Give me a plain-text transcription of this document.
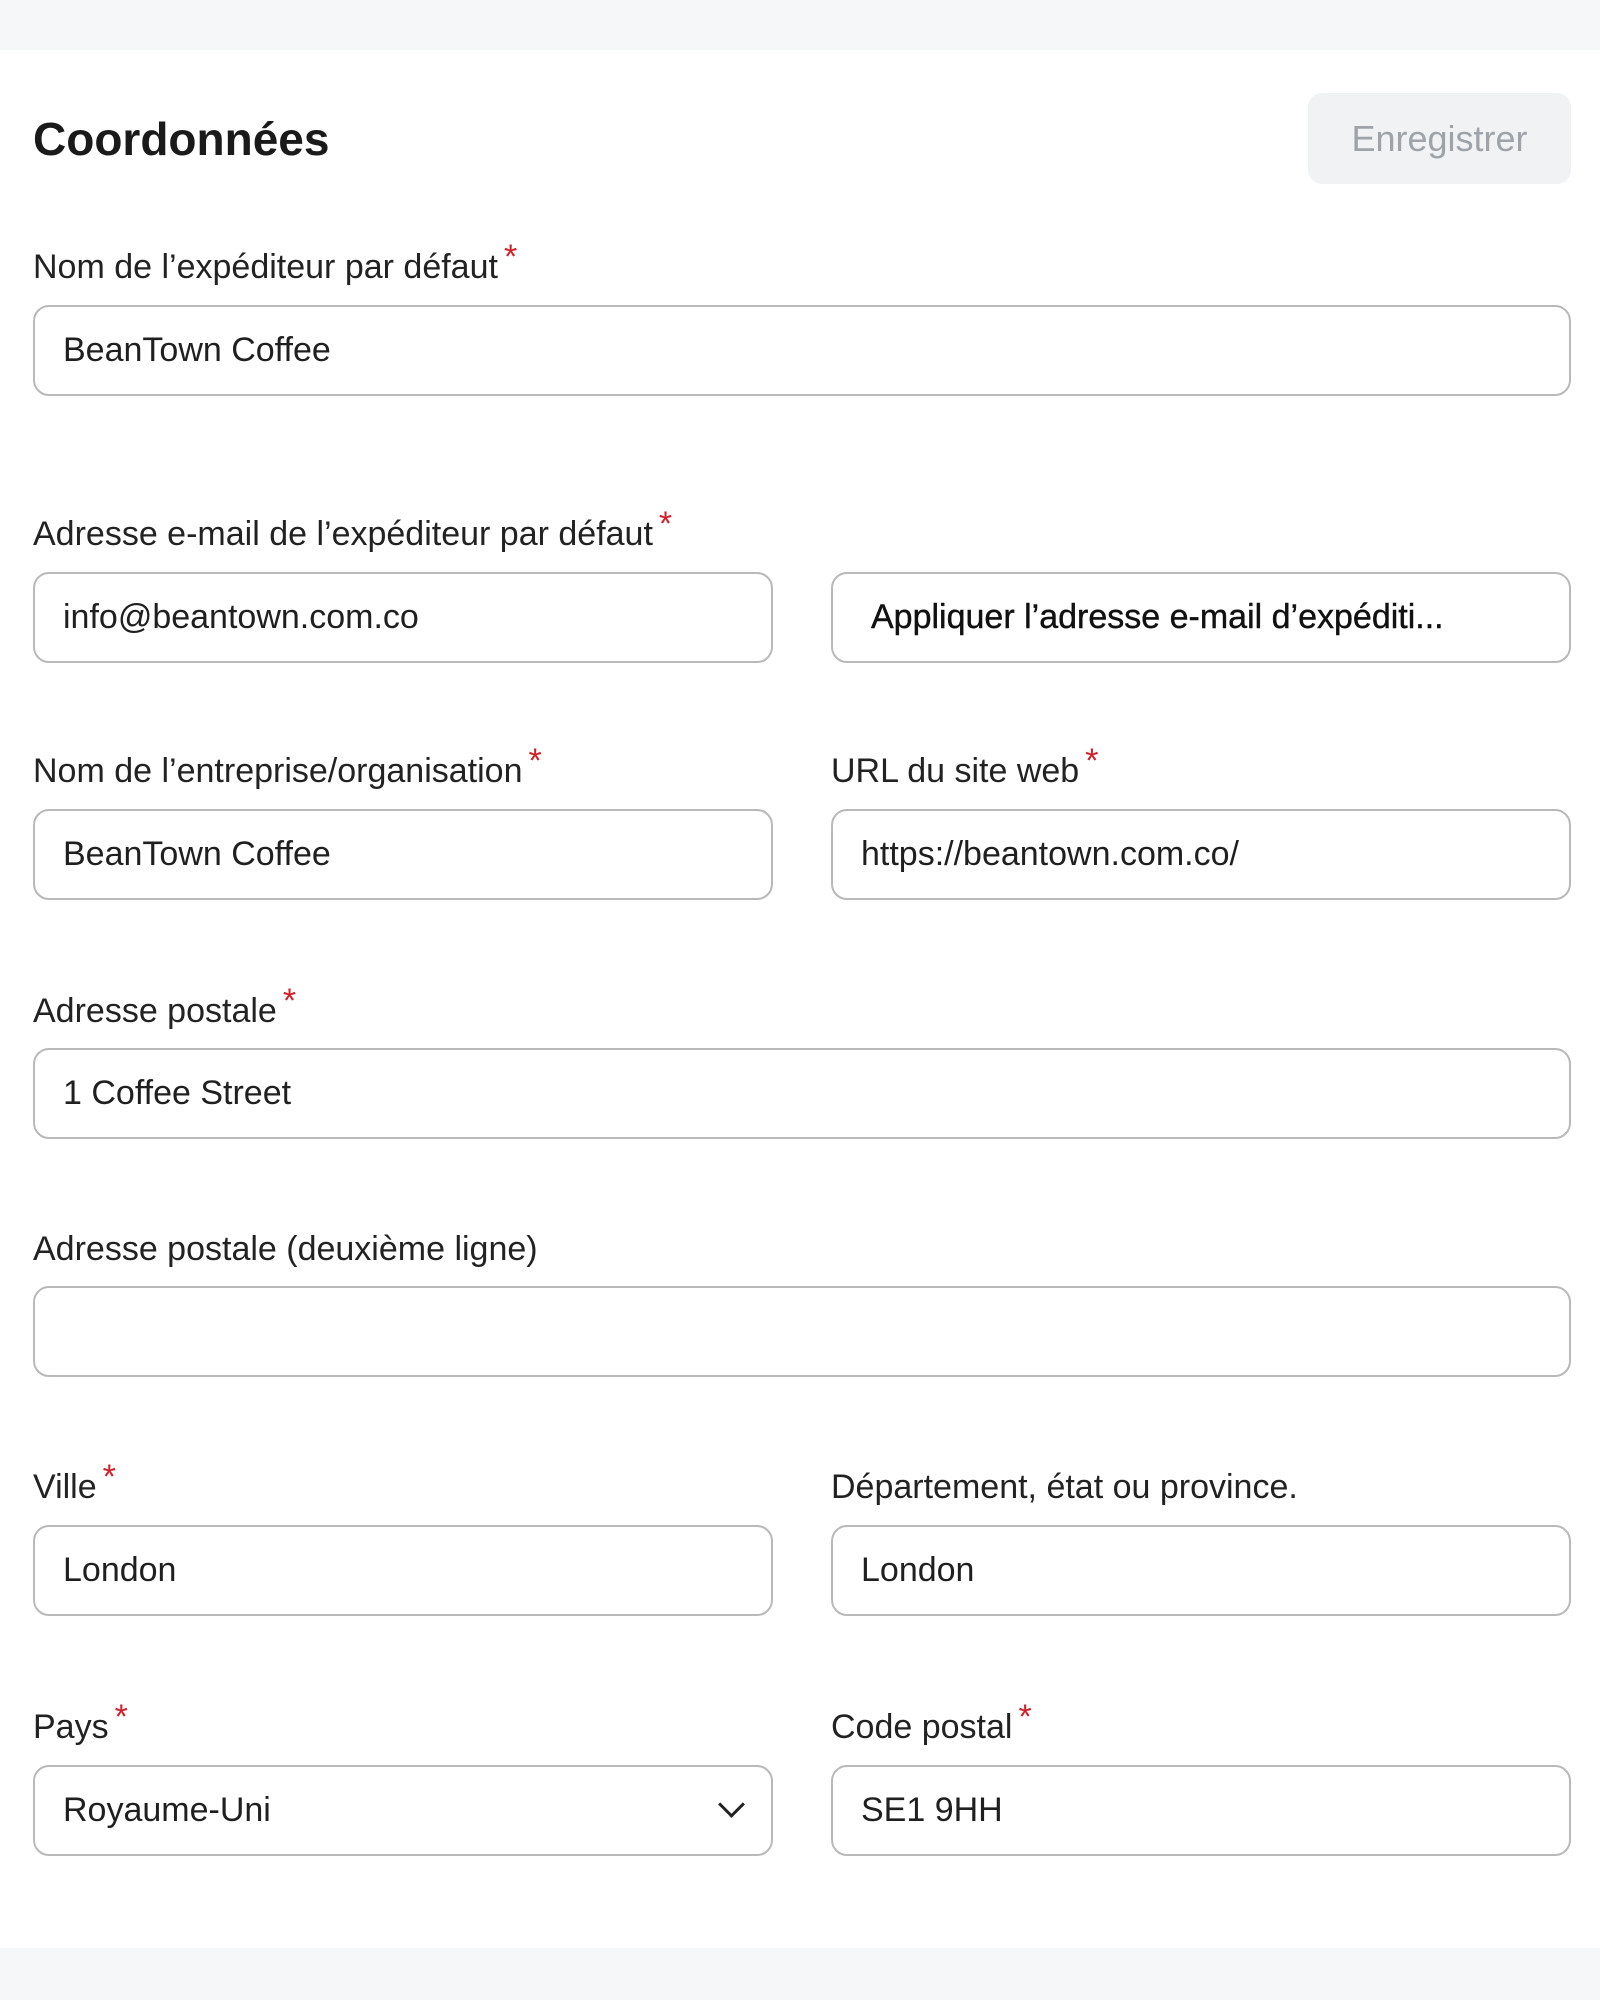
Coordonnées	Enregistrer
Nom de l’expéditeur par défaut *
BeanTown Coffee
Adresse e-mail de l’expéditeur par défaut *
info@beantown.com.co	Appliquer l’adresse e-mail d’expéditi...
Nom de l’entreprise/organisation *
BeanTown Coffee
URL du site web *
https://beantown.com.co/
Adresse postale *
1 Coffee Street
Adresse postale (deuxième ligne)
Ville *
London
Département, état ou province.
London
Pays *
Royaume-Uni
Code postal *
SE1 9HH
